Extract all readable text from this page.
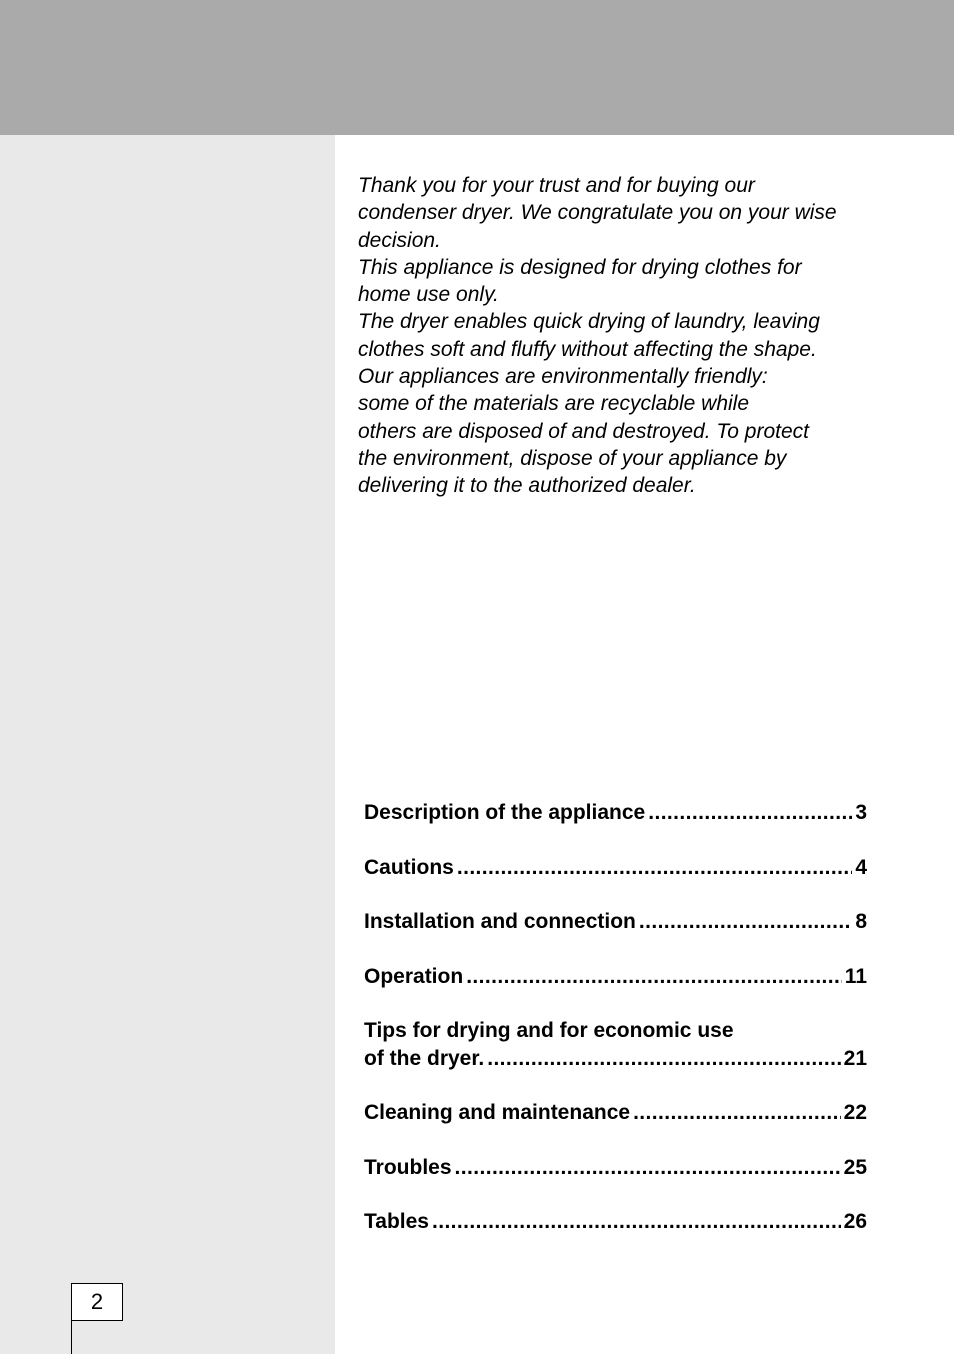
Thank you for your trust and for buying our

condenser dryer. We congratulate you on your wise

decision.

This appliance is designed for drying clothes for

home use only.

The dryer enables quick drying of laundry, leaving

clothes soft and fluffy without affecting the shape.

Our appliances are environmentally friendly:

some of the materials are recyclable while

others are disposed of and destroyed. To protect

the environment, dispose of your appliance by

delivering it to the authorized dealer.

Description of the appliance .....	3
Cautions .....	4
Installation and connection .....	8
Operation .....	11
Tips for drying and for economic use
of the dryer. .....	21
Cleaning and maintenance .....	22
Troubles .....	25
Tables .....	26
2
